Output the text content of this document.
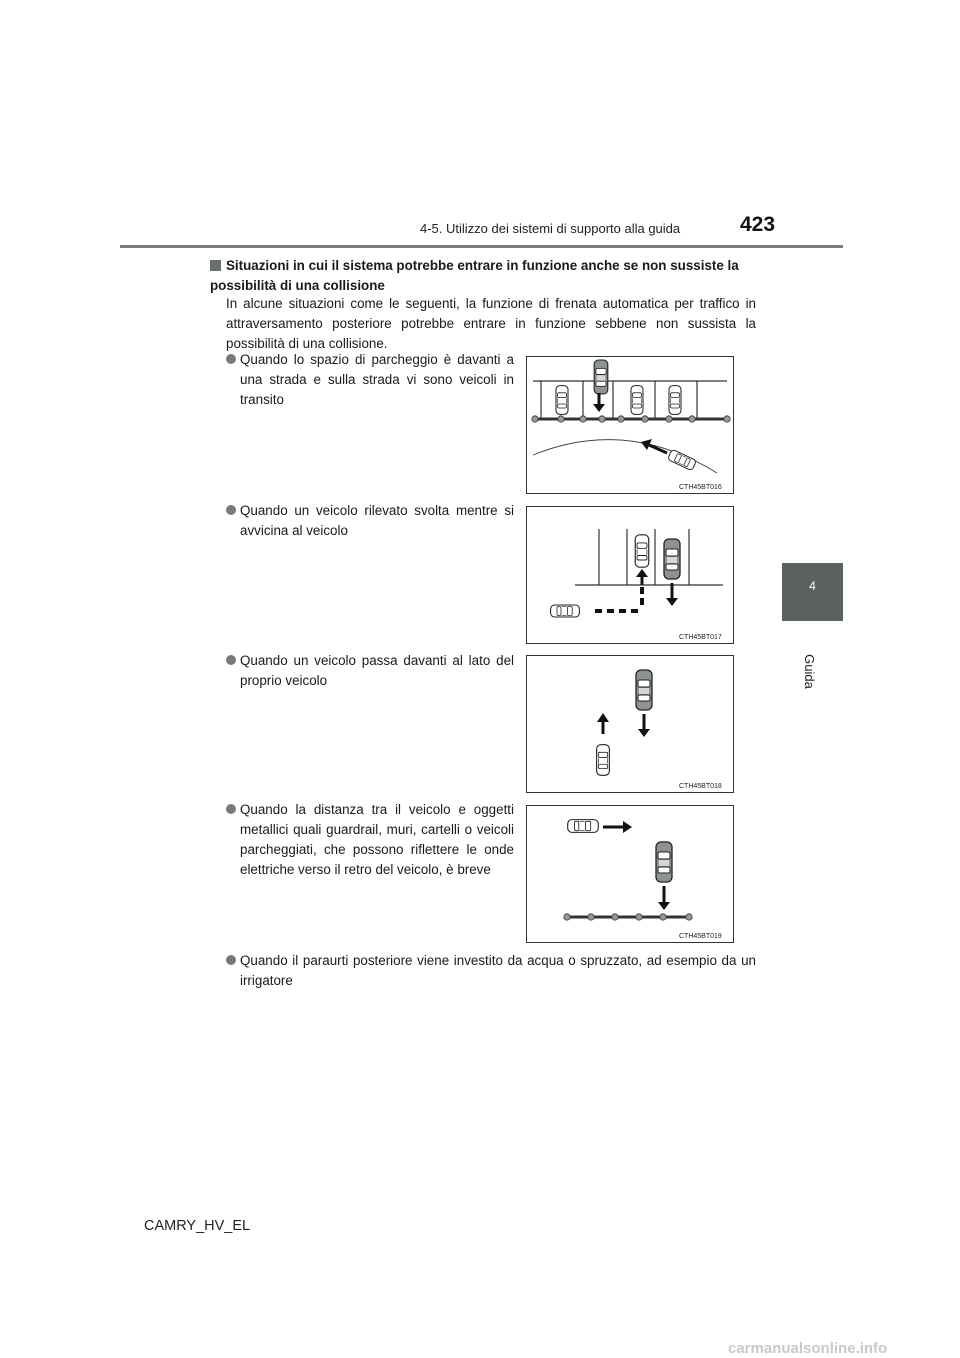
4-5. Utilizzo dei sistemi di supporto alla guida	423
4
Guida
Situazioni in cui il sistema potrebbe entrare in funzione anche se non sussiste la possibilità di una collisione
In alcune situazioni come le seguenti, la funzione di frenata automatica per traffico in attraversamento posteriore potrebbe entrare in funzione sebbene non sussista la possibilità di una collisione.
Quando lo spazio di parcheggio è davanti a una strada e sulla strada vi sono veicoli in transito
CTH45BT016
Quando un veicolo rilevato svolta mentre si avvicina al veicolo
CTH45BT017
Quando un veicolo passa davanti al lato del proprio veicolo
CTH45BT018
Quando la distanza tra il veicolo e oggetti metallici quali guardrail, muri, cartelli o veicoli parcheggiati, che possono riflettere le onde elettriche verso il retro del veicolo, è breve
CTH45BT019
Quando il paraurti posteriore viene investito da acqua o spruzzato, ad esempio da un irrigatore
CAMRY_HV_EL
carmanualsonline.info
